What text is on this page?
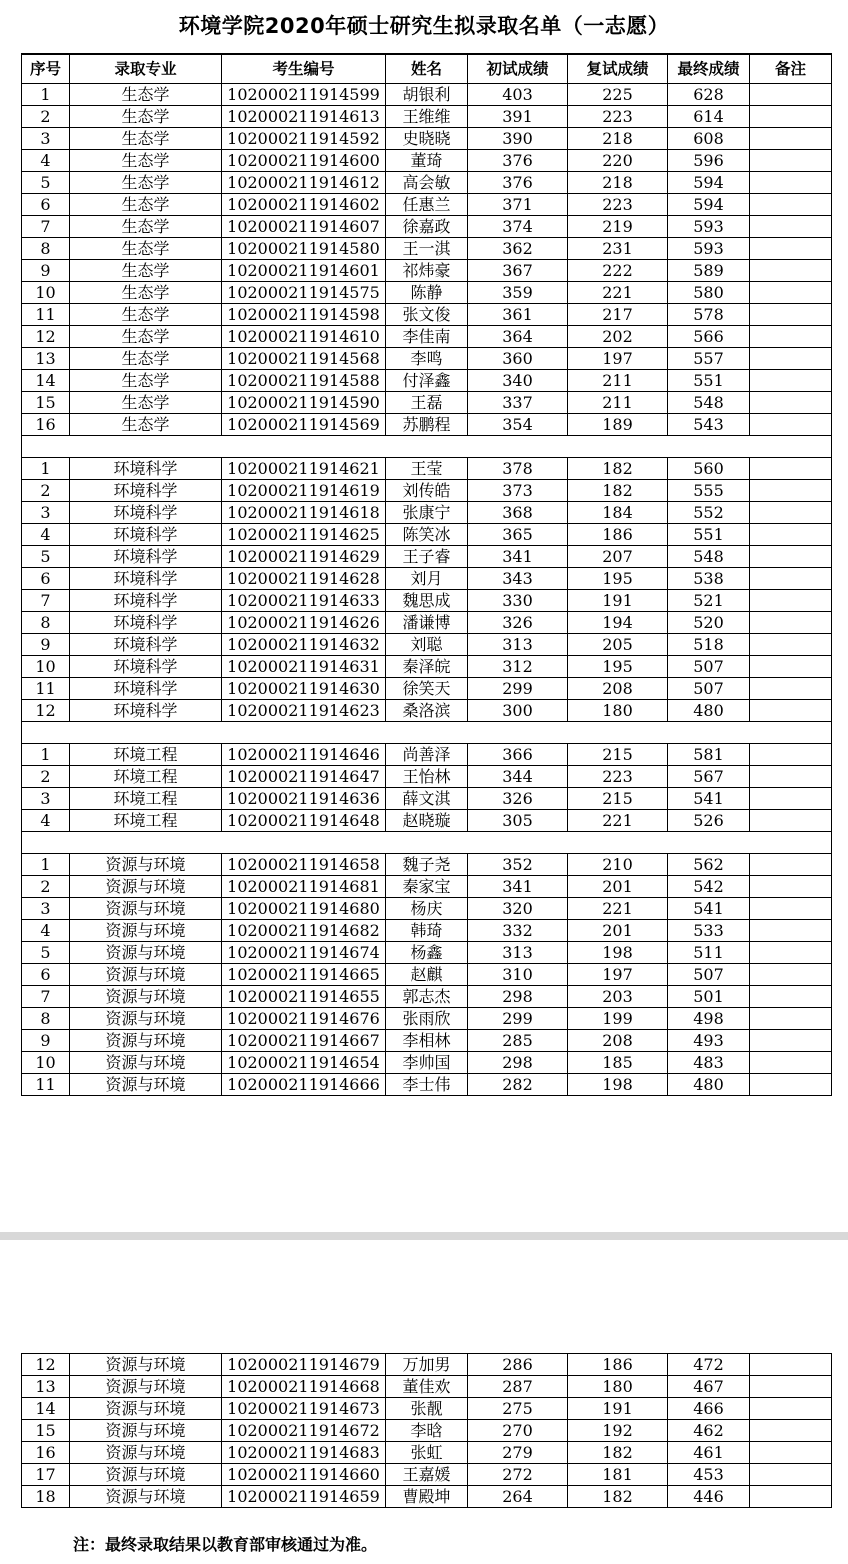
环境学院2020年硕士研究生拟录取名单（一志愿）
序号	录取专业	考生编号	姓名	初试成绩	复试成绩	最终成绩	备注
1	生态学	102000211914599	胡银利	403	225	628	
2	生态学	102000211914613	王维维	391	223	614	
3	生态学	102000211914592	史晓晓	390	218	608	
4	生态学	102000211914600	董琦	376	220	596	
5	生态学	102000211914612	高会敏	376	218	594	
6	生态学	102000211914602	任惠兰	371	223	594	
7	生态学	102000211914607	徐嘉政	374	219	593	
8	生态学	102000211914580	王一淇	362	231	593	
9	生态学	102000211914601	祁炜豪	367	222	589	
10	生态学	102000211914575	陈静	359	221	580	
11	生态学	102000211914598	张文俊	361	217	578	
12	生态学	102000211914610	李佳南	364	202	566	
13	生态学	102000211914568	李鸣	360	197	557	
14	生态学	102000211914588	付泽鑫	340	211	551	
15	生态学	102000211914590	王磊	337	211	548	
16	生态学	102000211914569	苏鹏程	354	189	543	

1	环境科学	102000211914621	王莹	378	182	560	
2	环境科学	102000211914619	刘传皓	373	182	555	
3	环境科学	102000211914618	张康宁	368	184	552	
4	环境科学	102000211914625	陈笑冰	365	186	551	
5	环境科学	102000211914629	王子睿	341	207	548	
6	环境科学	102000211914628	刘月	343	195	538	
7	环境科学	102000211914633	魏思成	330	191	521	
8	环境科学	102000211914626	潘谦博	326	194	520	
9	环境科学	102000211914632	刘聪	313	205	518	
10	环境科学	102000211914631	秦泽皖	312	195	507	
11	环境科学	102000211914630	徐笑天	299	208	507	
12	环境科学	102000211914623	桑洛滨	300	180	480	

1	环境工程	102000211914646	尚善泽	366	215	581	
2	环境工程	102000211914647	王怡林	344	223	567	
3	环境工程	102000211914636	薛文淇	326	215	541	
4	环境工程	102000211914648	赵晓璇	305	221	526	

1	资源与环境	102000211914658	魏子尧	352	210	562	
2	资源与环境	102000211914681	秦家宝	341	201	542	
3	资源与环境	102000211914680	杨庆	320	221	541	
4	资源与环境	102000211914682	韩琦	332	201	533	
5	资源与环境	102000211914674	杨鑫	313	198	511	
6	资源与环境	102000211914665	赵麒	310	197	507	
7	资源与环境	102000211914655	郭志杰	298	203	501	
8	资源与环境	102000211914676	张雨欣	299	199	498	
9	资源与环境	102000211914667	李相林	285	208	493	
10	资源与环境	102000211914654	李帅国	298	185	483	
11	资源与环境	102000211914666	李士伟	282	198	480	
12	资源与环境	102000211914679	万加男	286	186	472	
13	资源与环境	102000211914668	董佳欢	287	180	467	
14	资源与环境	102000211914673	张靓	275	191	466	
15	资源与环境	102000211914672	李晗	270	192	462	
16	资源与环境	102000211914683	张虹	279	182	461	
17	资源与环境	102000211914660	王嘉媛	272	181	453	
18	资源与环境	102000211914659	曹殿坤	264	182	446	
注：最终录取结果以教育部审核通过为准。
